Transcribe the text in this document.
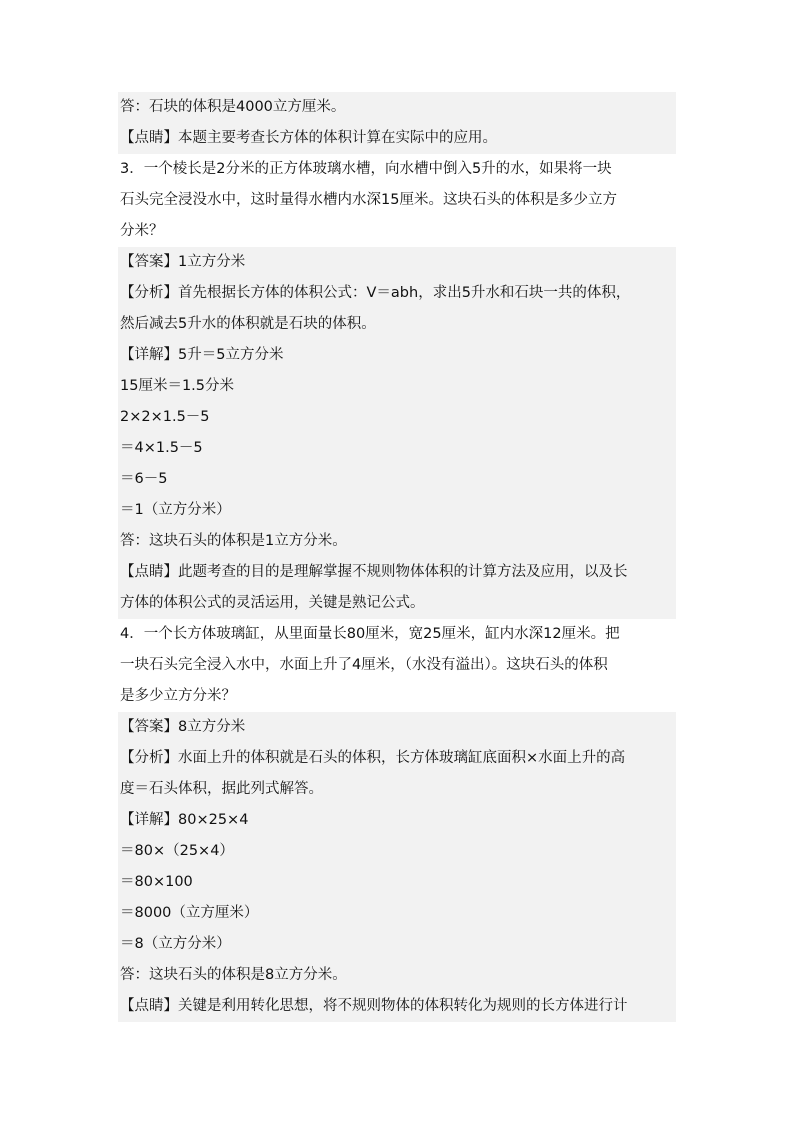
答：石块的体积是4000立方厘米。
【点睛】本题主要考查长方体的体积计算在实际中的应用。
3．一个棱长是2分米的正方体玻璃水槽，向水槽中倒入5升的水，如果将一块
石头完全浸没水中，这时量得水槽内水深15厘米。这块石头的体积是多少立方
分米？
【答案】1立方分米
【分析】首先根据长方体的体积公式：V＝abh，求出5升水和石块一共的体积，
然后减去5升水的体积就是石块的体积。
【详解】5升＝5立方分米
15厘米＝1.5分米
2×2×1.5－5
＝4×1.5－5
＝6－5
＝1（立方分米）
答：这块石头的体积是1立方分米。
【点睛】此题考查的目的是理解掌握不规则物体体积的计算方法及应用，以及长
方体的体积公式的灵活运用，关键是熟记公式。
4．一个长方体玻璃缸，从里面量长80厘米，宽25厘米，缸内水深12厘米。把
一块石头完全浸入水中，水面上升了4厘米，（水没有溢出）。这块石头的体积
是多少立方分米？
【答案】8立方分米
【分析】水面上升的体积就是石头的体积，长方体玻璃缸底面积×水面上升的高
度＝石头体积，据此列式解答。
【详解】80×25×4
＝80×（25×4）
＝80×100
＝8000（立方厘米）
＝8（立方分米）
答：这块石头的体积是8立方分米。
【点睛】关键是利用转化思想，将不规则物体的体积转化为规则的长方体进行计
